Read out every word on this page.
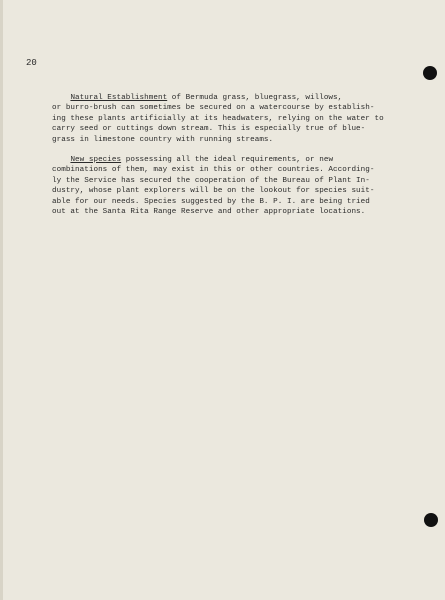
20
Natural Establishment of Bermuda grass, bluegrass, willows,
or burro-brush can sometimes be secured on a watercourse by establish-
ing these plants artificially at its headwaters, relying on the water to
carry seed or cuttings down stream. This is especially true of blue-
grass in limestone country with running streams.
New species possessing all the ideal requirements, or new
combinations of them, may exist in this or other countries. According-
ly the Service has secured the cooperation of the Bureau of Plant In-
dustry, whose plant explorers will be on the lookout for species suit-
able for our needs. Species suggested by the B. P. I. are being tried
out at the Santa Rita Range Reserve and other appropriate locations.
